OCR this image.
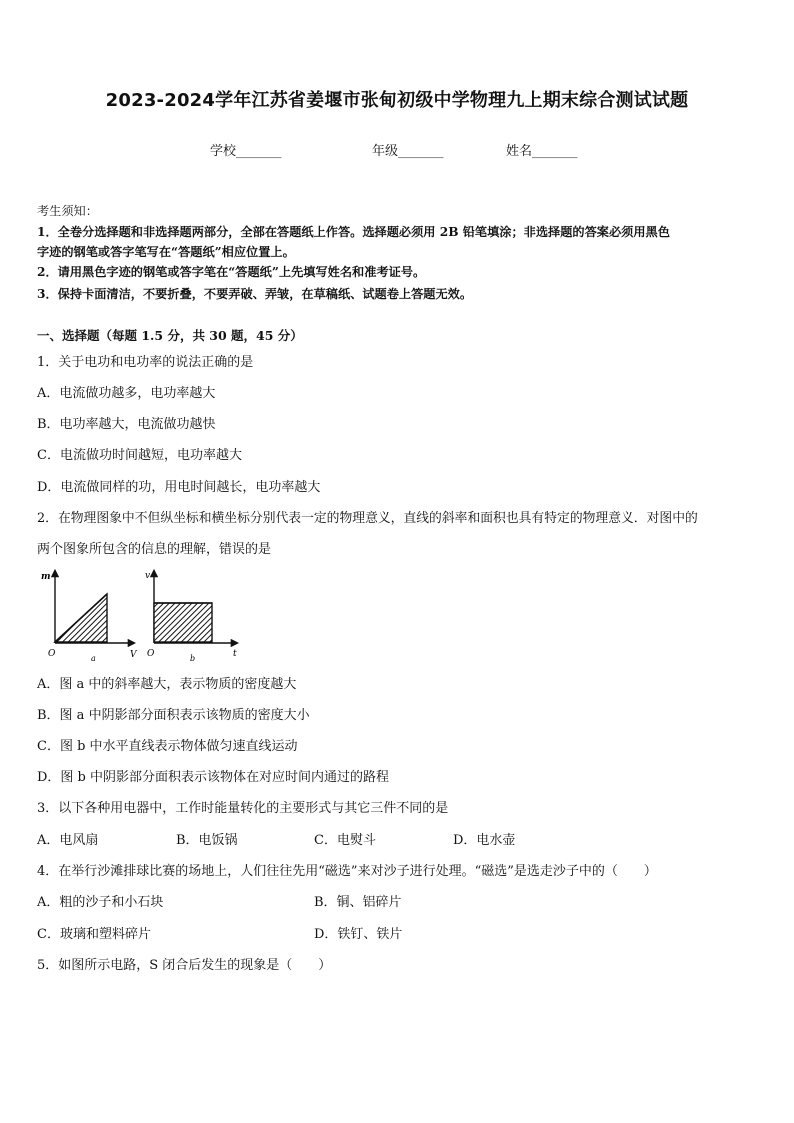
2023-2024学年江苏省姜堰市张甸初级中学物理九上期末综合测试试题
学校_______	年级_______	姓名_______
考生须知：
1．全卷分选择题和非选择题两部分，全部在答题纸上作答。选择题必须用 2B 铅笔填涂；非选择题的答案必须用黑色
字迹的钢笔或答字笔写在“答题纸”相应位置上。
2．请用黑色字迹的钢笔或答字笔在“答题纸”上先填写姓名和准考证号。
3．保持卡面清洁，不要折叠，不要弄破、弄皱，在草稿纸、试题卷上答题无效。
一、选择题（每题 1.5 分，共 30 题，45 分）
1．关于电功和电功率的说法正确的是
A．电流做功越多，电功率越大
B．电功率越大，电流做功越快
C．电流做功时间越短，电功率越大
D．电流做同样的功，用电时间越长，电功率越大
2．在物理图象中不但纵坐标和横坐标分别代表一定的物理意义，直线的斜率和面积也具有特定的物理意义．对图中的
两个图象所包含的信息的理解，错误的是
m
V
O	a
v
t
O	b
A．图 a 中的斜率越大，表示物质的密度越大
B．图 a 中阴影部分面积表示该物质的密度大小
C．图 b 中水平直线表示物体做匀速直线运动
D．图 b 中阴影部分面积表示该物体在对应时间内通过的路程
3．以下各种用电器中，工作时能量转化的主要形式与其它三件不同的是
A．电风扇	B．电饭锅	C．电熨斗	D．电水壶
4．在举行沙滩排球比赛的场地上，人们往往先用“磁选”来对沙子进行处理。“磁选”是选走沙子中的（　　）
A．粗的沙子和小石块	B．铜、铝碎片
C．玻璃和塑料碎片	D．铁钉、铁片
5．如图所示电路，S 闭合后发生的现象是（　　）
